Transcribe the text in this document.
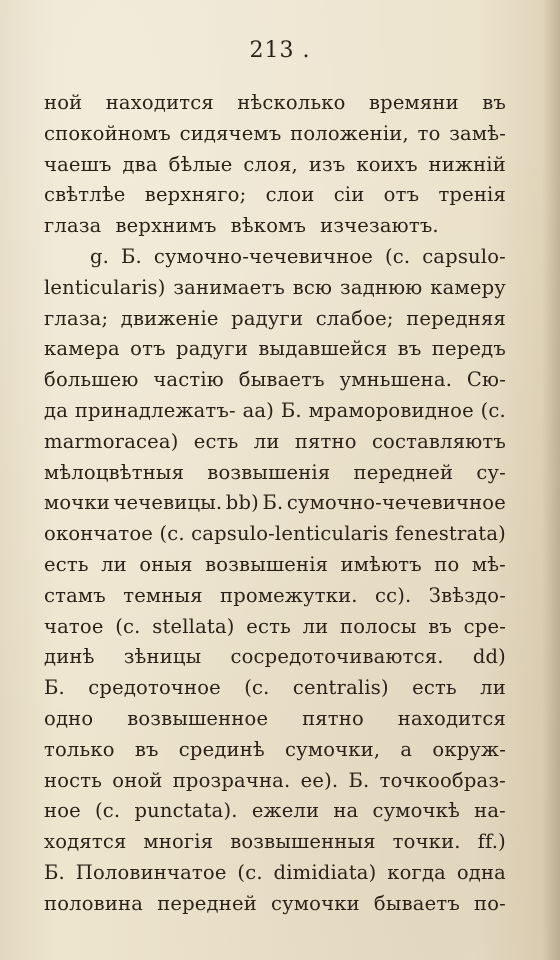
213 .
ной находится нѣсколько времяни въ
спокойномъ сидячемъ положеніи, то замѣ-
чаешъ два бѣлые слоя, изъ коихъ нижній
свѣтлѣе верхняго; слои сіи отъ тренія
глаза верхнимъ вѣкомъ изчезаютъ.
g. Б. сумочно-чечевичное (c. capsulo-
lenticularis) занимаетъ всю заднюю камеру
глаза; движеніе радуги слабое; передняя
камера отъ радуги выдавшейся въ передъ
большею частію бываетъ умньшена. Сю-
да принадлежатъ- aa) Б. мраморовидное (c.
marmoracea) есть ли пятно составляютъ
мѣлоцвѣтныя возвышенія передней су-
мочки чечевицы. bb) Б. сумочно-чечевичное
окончатое (c. capsulo-lenticularis fenestrata)
есть ли оныя возвышенія имѣютъ по мѣ-
стамъ темныя промежутки. cc). Звѣздо-
чатое (c. stellata) есть ли полосы въ сре-
динѣ зѣницы сосредоточиваются. dd)
Б. средоточное (c. centralis) есть ли
одно возвышенное пятно находится
только въ срединѣ сумочки, а окруж-
ность оной прозрачна. ee). Б. точкообраз-
ное (c. punctata). ежели на сумочкѣ на-
ходятся многія возвышенныя точки. ff.)
Б. Половинчатое (c. dimidiata) когда одна
половина передней сумочки бываетъ по-
